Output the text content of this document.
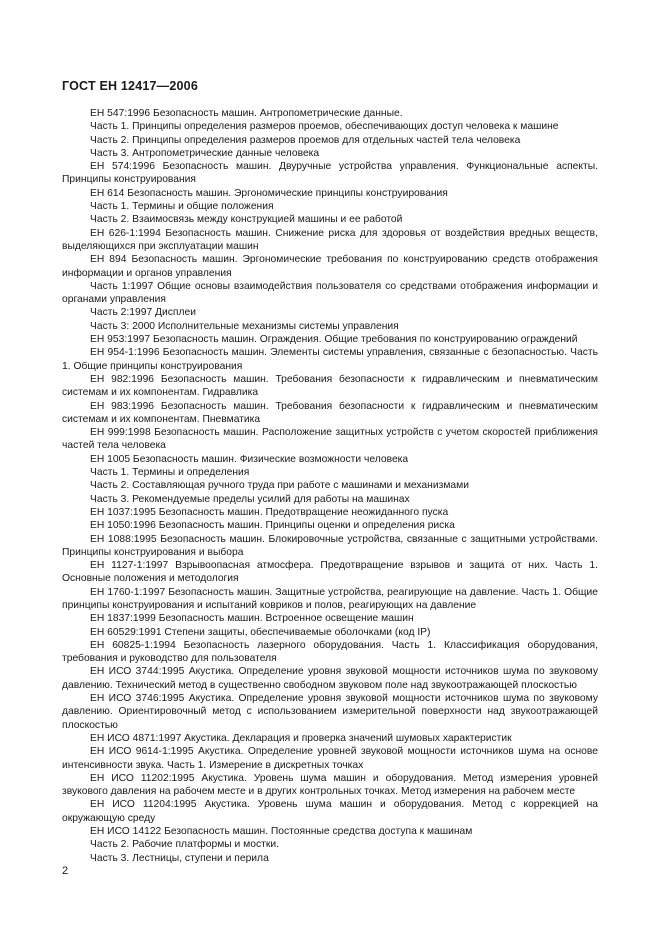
ГОСТ ЕН 12417—2006

ЕН 547:1996 Безопасность машин. Антропометрические данные.

Часть 1. Принципы определения размеров проемов, обеспечивающих доступ человека к машине

Часть 2. Принципы определения размеров проемов для отдельных частей тела человека

Часть 3. Антропометрические данные человека

ЕН 574:1996 Безопасность машин. Двуручные устройства управления. Функциональные аспекты. Принципы конструирования

ЕН 614 Безопасность машин. Эргономические принципы конструирования

Часть 1. Термины и общие положения

Часть 2. Взаимосвязь между конструкцией машины и ее работой

ЕН 626-1:1994 Безопасность машин. Снижение риска для здоровья от воздействия вредных веществ, выделяющихся при эксплуатации машин

ЕН 894 Безопасность машин. Эргономические требования по конструированию средств отображения информации и органов управления

Часть 1:1997 Общие основы взаимодействия пользователя со средствами отображения информации и органами управления

Часть 2:1997 Дисплеи

Часть 3: 2000 Исполнительные механизмы системы управления

ЕН 953:1997 Безопасность машин. Ограждения. Общие требования по конструированию ограждений

ЕН 954-1:1996 Безопасность машин. Элементы системы управления, связанные с безопасностью. Часть 1. Общие принципы конструирования

ЕН 982:1996 Безопасность машин. Требования безопасности к гидравлическим и пневматическим системам и их компонентам. Гидравлика

ЕН 983:1996 Безопасность машин. Требования безопасности к гидравлическим и пневматическим системам и их компонентам. Пневматика

ЕН 999:1998 Безопасность машин. Расположение защитных устройств с учетом скоростей приближения частей тела человека

ЕН 1005 Безопасность машин. Физические возможности человека

Часть 1. Термины и определения

Часть 2. Составляющая ручного труда при работе с машинами и механизмами

Часть 3. Рекомендуемые пределы усилий для работы на машинах

ЕН 1037:1995 Безопасность машин. Предотвращение неожиданного пуска

ЕН 1050:1996 Безопасность машин. Принципы оценки и определения риска

ЕН 1088:1995 Безопасность машин. Блокировочные устройства, связанные с защитными устройствами. Принципы конструирования и выбора

ЕН 1127-1:1997 Взрывоопасная атмосфера. Предотвращение взрывов и защита от них. Часть 1. Основные положения и методология

ЕН 1760-1:1997 Безопасность машин. Защитные устройства, реагирующие на давление. Часть 1. Общие принципы конструирования и испытаний ковриков и полов, реагирующих на давление

ЕН 1837:1999 Безопасность машин. Встроенное освещение машин

ЕН 60529:1991 Степени защиты, обеспечиваемые оболочками (код IP)

ЕН 60825-1:1994 Безопасность лазерного оборудования. Часть 1. Классификация оборудования, требования и руководство для пользователя

ЕН ИСО 3744:1995 Акустика. Определение уровня звуковой мощности источников шума по звуковому давлению. Технический метод в существенно свободном звуковом поле над звукоотражающей плоскостью

ЕН ИСО 3746:1995 Акустика. Определение уровня звуковой мощности источников шума по звуковому давлению. Ориентировочный метод с использованием измерительной поверхности над звукоотражающей плоскостью

ЕН ИСО 4871:1997 Акустика. Декларация и проверка значений шумовых характеристик

ЕН ИСО 9614-1:1995 Акустика. Определение уровней звуковой мощности источников шума на основе интенсивности звука. Часть 1. Измерение в дискретных точках

ЕН ИСО 11202:1995 Акустика. Уровень шума машин и оборудования. Метод измерения уровней звукового давления на рабочем месте и в других контрольных точках. Метод измерения на рабочем месте

ЕН ИСО 11204:1995 Акустика. Уровень шума машин и оборудования. Метод с коррекцией на окружающую среду

ЕН ИСО 14122 Безопасность машин. Постоянные средства доступа к машинам

Часть 2. Рабочие платформы и мостки.

Часть 3. Лестницы, ступени и перила

2
